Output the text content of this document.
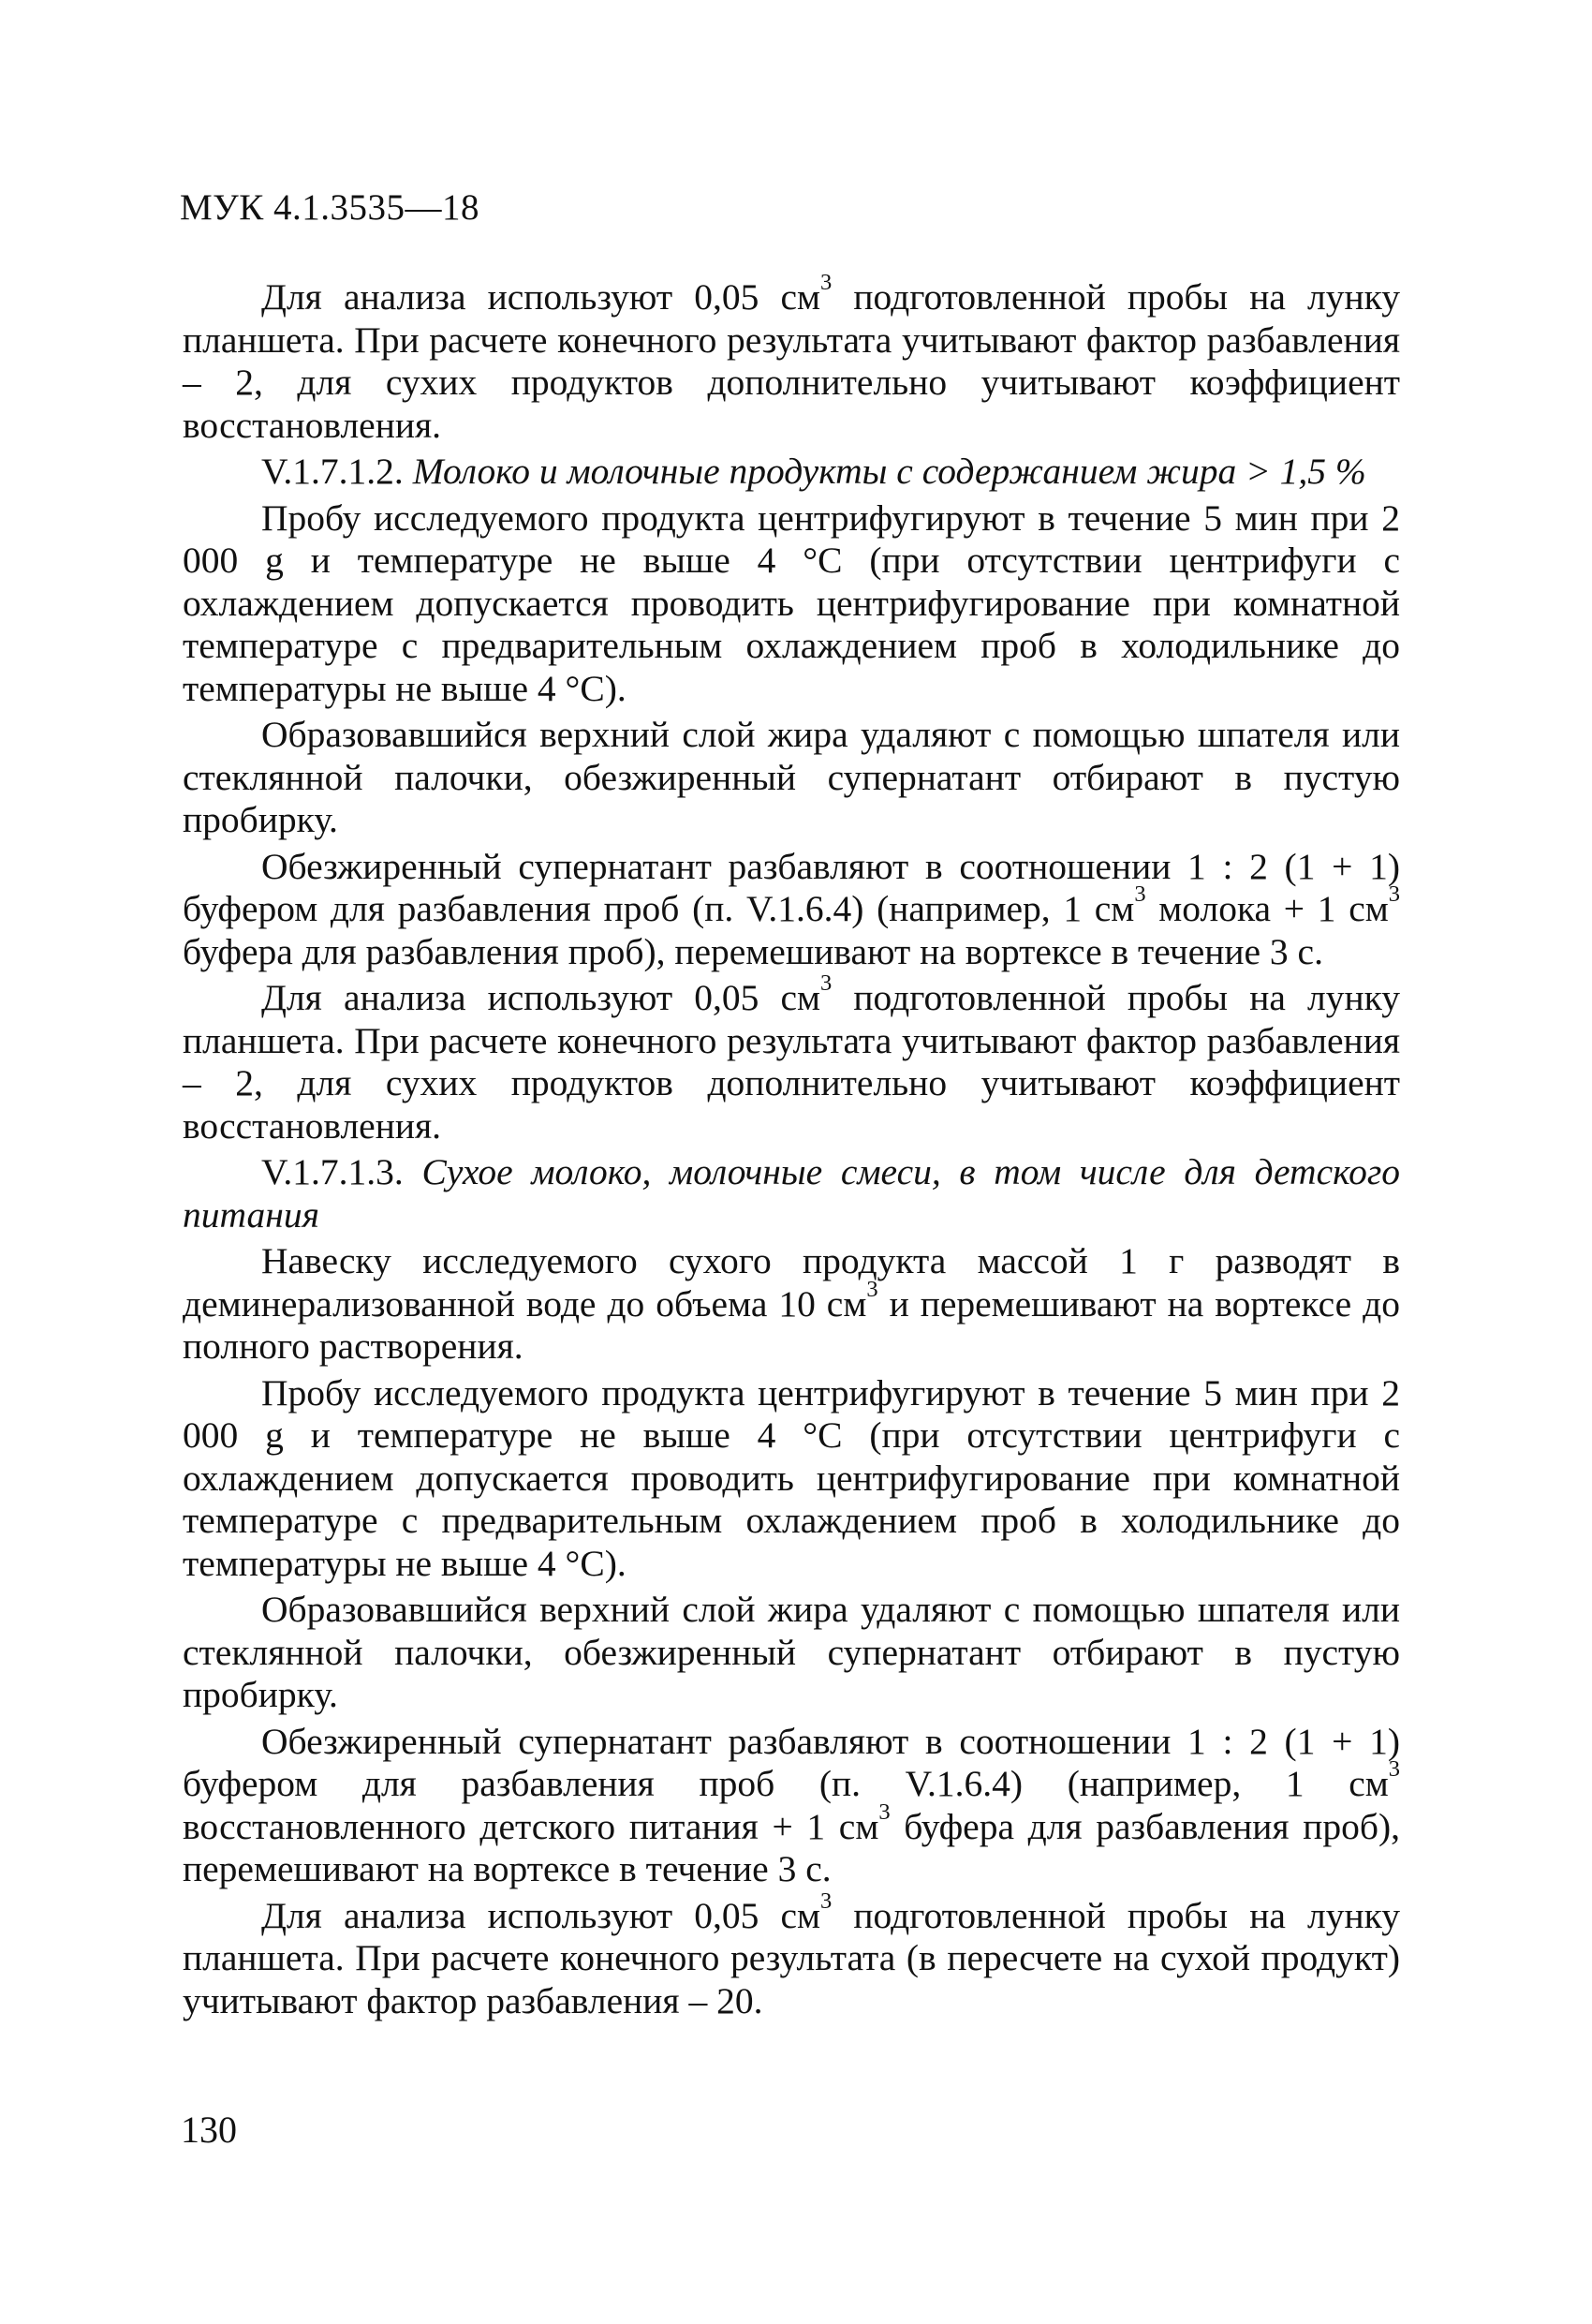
МУК 4.1.3535—18

Для анализа используют 0,05 $см^3$ подготовленной пробы на лунку планшета. При расчете конечного результата учитывают фактор разбавления – 2, для сухих продуктов дополнительно учитывают коэффициент восстановления.

V.1.7.1.2. Молоко и молочные продукты с содержанием жира > 1,5 %

Пробу исследуемого продукта центрифугируют в течение 5 мин при 2 000 g и температуре не выше 4 °С (при отсутствии центрифуги с охлаждением допускается проводить центрифугирование при комнатной температуре с предварительным охлаждением проб в холодильнике до температуры не выше 4 °С).

Образовавшийся верхний слой жира удаляют с помощью шпателя или стеклянной палочки, обезжиренный супернатант отбирают в пустую пробирку.

Обезжиренный супернатант разбавляют в соотношении 1 : 2 (1 + 1) буфером для разбавления проб (п. V.1.6.4) (например, 1 $см^3$ молока + 1 $см^3$ буфера для разбавления проб), перемешивают на вортексе в течение 3 с.

Для анализа используют 0,05 $см^3$ подготовленной пробы на лунку планшета. При расчете конечного результата учитывают фактор разбавления – 2, для сухих продуктов дополнительно учитывают коэффициент восстановления.

V.1.7.1.3. Сухое молоко, молочные смеси, в том числе для детского питания

Навеску исследуемого сухого продукта массой 1 г разводят в деминерализованной воде до объема 10 $см^3$ и перемешивают на вортексе до полного растворения.

Пробу исследуемого продукта центрифугируют в течение 5 мин при 2 000 g и температуре не выше 4 °С (при отсутствии центрифуги с охлаждением допускается проводить центрифугирование при комнатной температуре с предварительным охлаждением проб в холодильнике до температуры не выше 4 °С).

Образовавшийся верхний слой жира удаляют с помощью шпателя или стеклянной палочки, обезжиренный супернатант отбирают в пустую пробирку.

Обезжиренный супернатант разбавляют в соотношении 1 : 2 (1 + 1) буфером для разбавления проб (п. V.1.6.4) (например, 1 $см^3$ восстановленного детского питания + 1 $см^3$ буфера для разбавления проб), перемешивают на вортексе в течение 3 с.

Для анализа используют 0,05 $см^3$ подготовленной пробы на лунку планшета. При расчете конечного результата (в пересчете на сухой продукт) учитывают фактор разбавления – 20.

130
